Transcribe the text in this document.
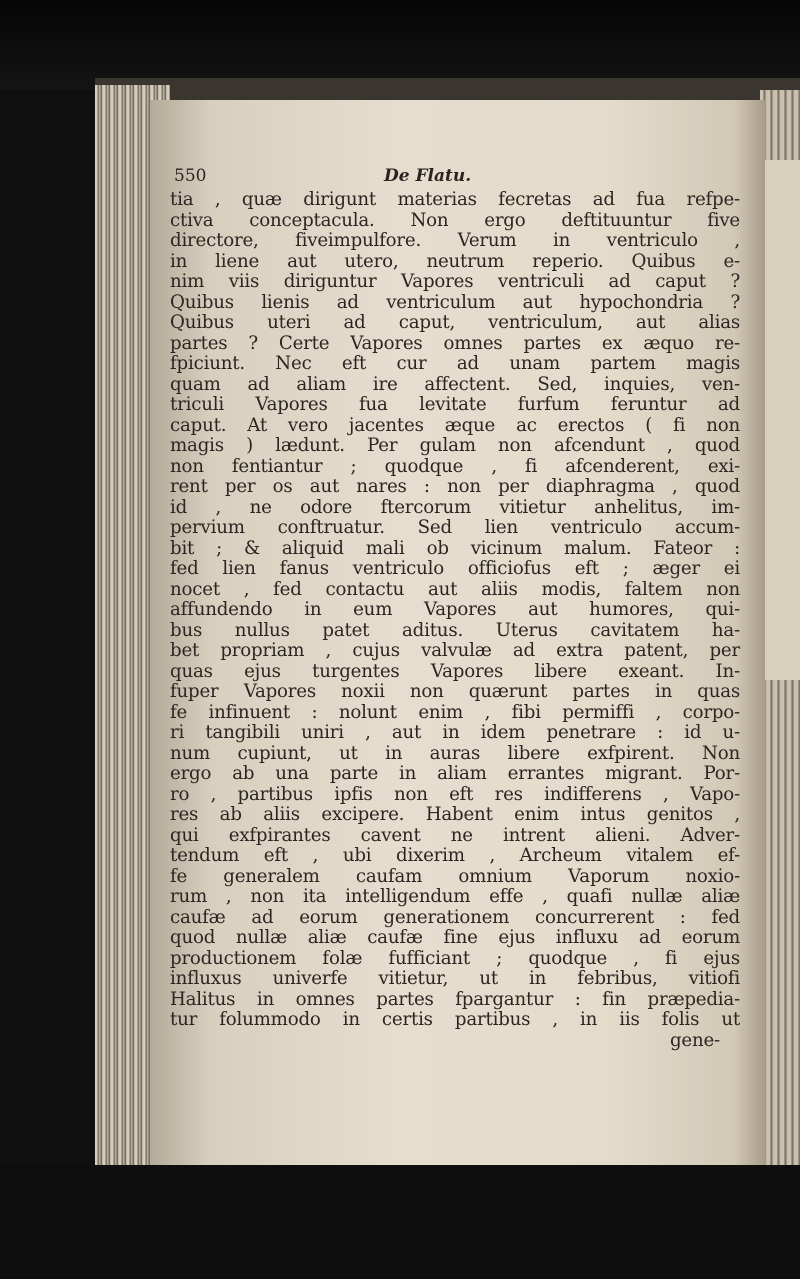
550	De Flatu.
tia , quæ dirigunt materias fecretas ad fua refpe-
ctiva conceptacula. Non ergo deftituuntur five
directore, fiveimpulfore. Verum in ventriculo ,
in liene aut utero, neutrum reperio. Quibus e-
nim viis diriguntur Vapores ventriculi ad caput ?
Quibus lienis ad ventriculum aut hypochondria ?
Quibus uteri ad caput, ventriculum, aut alias
partes ? Certe Vapores omnes partes ex æquo re-
fpiciunt. Nec eft cur ad unam partem magis
quam ad aliam ire affectent. Sed, inquies, ven-
triculi Vapores fua levitate furfum feruntur ad
caput. At vero jacentes æque ac erectos ( fi non
magis ) lædunt. Per gulam non afcendunt , quod
non fentiantur ; quodque , fi afcenderent, exi-
rent per os aut nares : non per diaphragma , quod
id , ne odore ftercorum vitietur anhelitus, im-
pervium conftruatur. Sed lien ventriculo accum-
bit ; & aliquid mali ob vicinum malum. Fateor :
fed lien fanus ventriculo officiofus eft ; æger ei
nocet , fed contactu aut aliis modis, faltem non
affundendo in eum Vapores aut humores, qui-
bus nullus patet aditus. Uterus cavitatem ha-
bet propriam , cujus valvulæ ad extra patent, per
quas ejus turgentes Vapores libere exeant. In-
fuper Vapores noxii non quærunt partes in quas
fe infinuent : nolunt enim , fibi permiffi , corpo-
ri tangibili uniri , aut in idem penetrare : id u-
num cupiunt, ut in auras libere exfpirent. Non
ergo ab una parte in aliam errantes migrant. Por-
ro , partibus ipfis non eft res indifferens , Vapo-
res ab aliis excipere. Habent enim intus genitos ,
qui exfpirantes cavent ne intrent alieni. Adver-
tendum eft , ubi dixerim , Archeum vitalem ef-
fe generalem caufam omnium Vaporum noxio-
rum , non ita intelligendum effe , quafi nullæ aliæ
caufæ ad eorum generationem concurrerent : fed
quod nullæ aliæ caufæ fine ejus influxu ad eorum
productionem folæ fufficiant ; quodque , fi ejus
influxus univerfe vitietur, ut in febribus, vitiofi
Halitus in omnes partes fpargantur : fin præpedia-
tur folummodo in certis partibus , in iis folis ut
gene-
